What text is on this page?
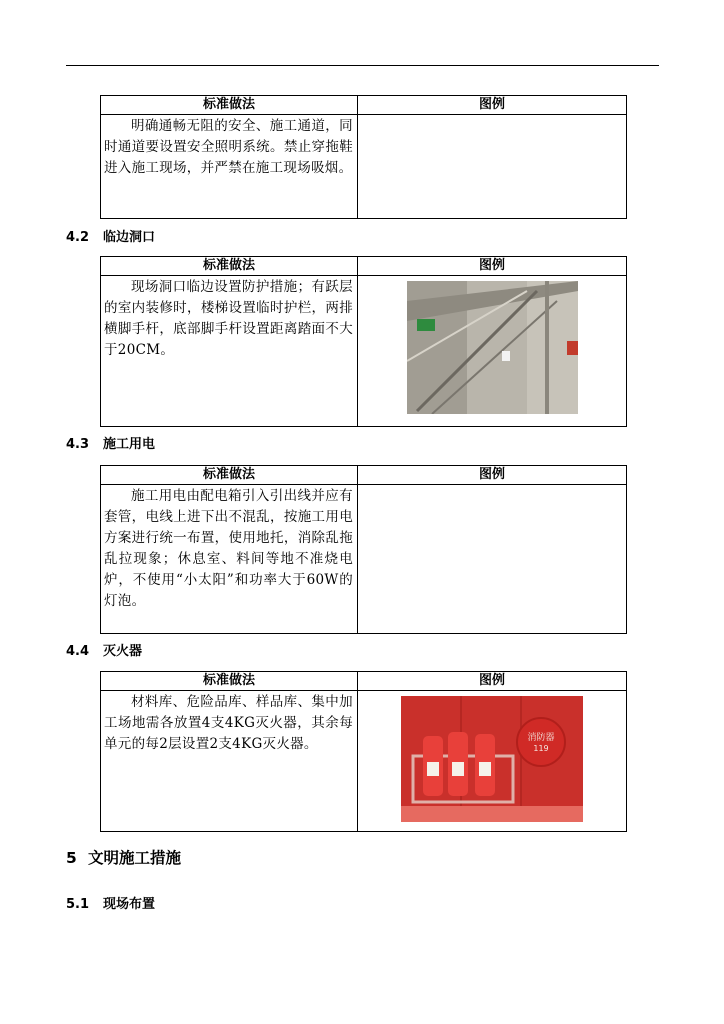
标准做法	图例
明确通畅无阻的安全、施工通道，同时通道要设置安全照明系统。禁止穿拖鞋进入施工现场，并严禁在施工现场吸烟。	
4.2 临边洞口
标准做法	图例
现场洞口临边设置防护措施；有跃层的室内装修时，楼梯设置临时护栏，两排横脚手杆，底部脚手杆设置距离踏面不大于20CM。	
4.3 施工用电
标准做法	图例
施工用电由配电箱引入引出线并应有套管，电线上进下出不混乱，按施工用电方案进行统一布置，使用地托，消除乱拖乱拉现象；休息室、料间等地不准烧电炉，不使用“小太阳”和功率大于60W的灯泡。	
4.4 灭火器
标准做法	图例
材料库、危险品库、样品库、集中加工场地需各放置4支4KG灭火器，其余每单元的每2层设置2支4KG灭火器。	消防器
119
5 文明施工措施
5.1 现场布置
